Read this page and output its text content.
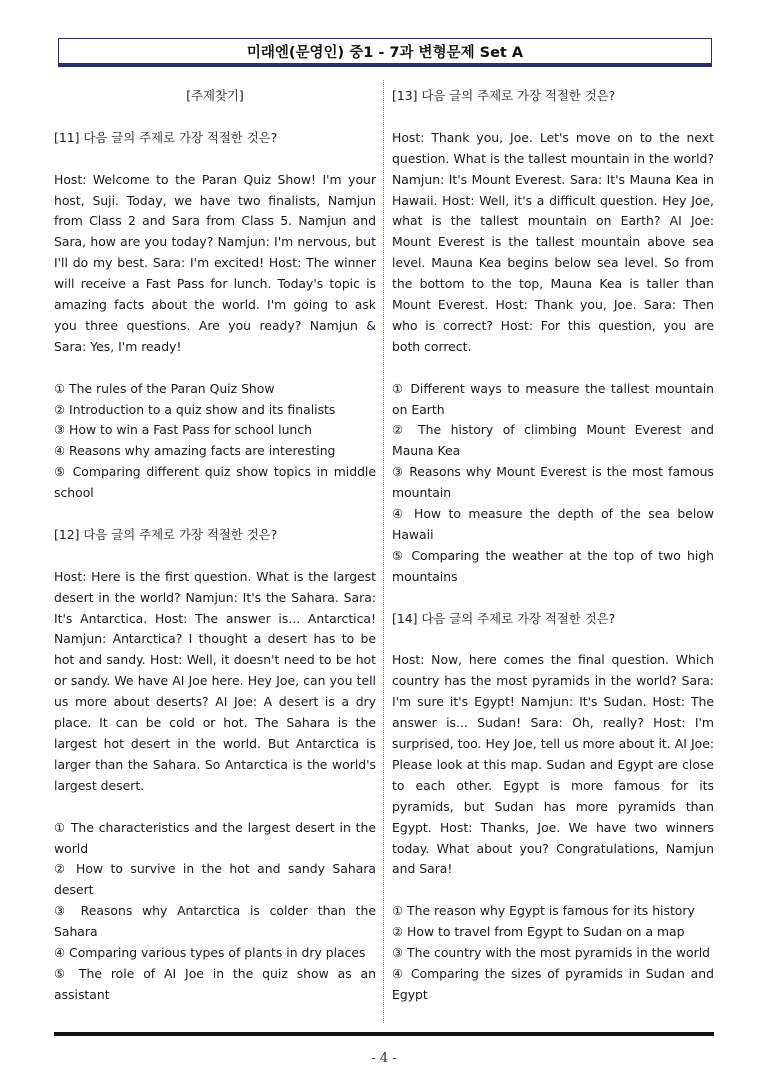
미래엔(문영인) 중1 - 7과 변형문제 Set A
[주제찾기]
[11] 다음 글의 주제로 가장 적절한 것은?
Host: Welcome to the Paran Quiz Show! I'm your host, Suji. Today, we have two finalists, Namjun from Class 2 and Sara from Class 5. Namjun and Sara, how are you today? Namjun: I'm nervous, but I'll do my best. Sara: I'm excited! Host: The winner will receive a Fast Pass for lunch. Today's topic is amazing facts about the world. I'm going to ask you three questions. Are you ready? Namjun & Sara: Yes, I'm ready!
① The rules of the Paran Quiz Show
② Introduction to a quiz show and its finalists
③ How to win a Fast Pass for school lunch
④ Reasons why amazing facts are interesting
⑤ Comparing different quiz show topics in middle school
[12] 다음 글의 주제로 가장 적절한 것은?
Host: Here is the first question. What is the largest desert in the world? Namjun: It's the Sahara. Sara: It's Antarctica. Host: The answer is... Antarctica! Namjun: Antarctica? I thought a desert has to be hot and sandy. Host: Well, it doesn't need to be hot or sandy. We have AI Joe here. Hey Joe, can you tell us more about deserts? AI Joe: A desert is a dry place. It can be cold or hot. The Sahara is the largest hot desert in the world. But Antarctica is larger than the Sahara. So Antarctica is the world's largest desert.
① The characteristics and the largest desert in the world
② How to survive in the hot and sandy Sahara desert
③ Reasons why Antarctica is colder than the Sahara
④ Comparing various types of plants in dry places
⑤ The role of AI Joe in the quiz show as an assistant
[13] 다음 글의 주제로 가장 적절한 것은?
Host: Thank you, Joe. Let's move on to the next question. What is the tallest mountain in the world? Namjun: It's Mount Everest. Sara: It's Mauna Kea in Hawaii. Host: Well, it's a difficult question. Hey Joe, what is the tallest mountain on Earth? AI Joe: Mount Everest is the tallest mountain above sea level. Mauna Kea begins below sea level. So from the bottom to the top, Mauna Kea is taller than Mount Everest. Host: Thank you, Joe. Sara: Then who is correct? Host: For this question, you are both correct.
① Different ways to measure the tallest mountain on Earth
② The history of climbing Mount Everest and Mauna Kea
③ Reasons why Mount Everest is the most famous mountain
④ How to measure the depth of the sea below Hawaii
⑤ Comparing the weather at the top of two high mountains
[14] 다음 글의 주제로 가장 적절한 것은?
Host: Now, here comes the final question. Which country has the most pyramids in the world? Sara: I'm sure it's Egypt! Namjun: It's Sudan. Host: The answer is... Sudan! Sara: Oh, really? Host: I'm surprised, too. Hey Joe, tell us more about it. AI Joe: Please look at this map. Sudan and Egypt are close to each other. Egypt is more famous for its pyramids, but Sudan has more pyramids than Egypt. Host: Thanks, Joe. We have two winners today. What about you? Congratulations, Namjun and Sara!
① The reason why Egypt is famous for its history
② How to travel from Egypt to Sudan on a map
③ The country with the most pyramids in the world
④ Comparing the sizes of pyramids in Sudan and Egypt
- 4 -
